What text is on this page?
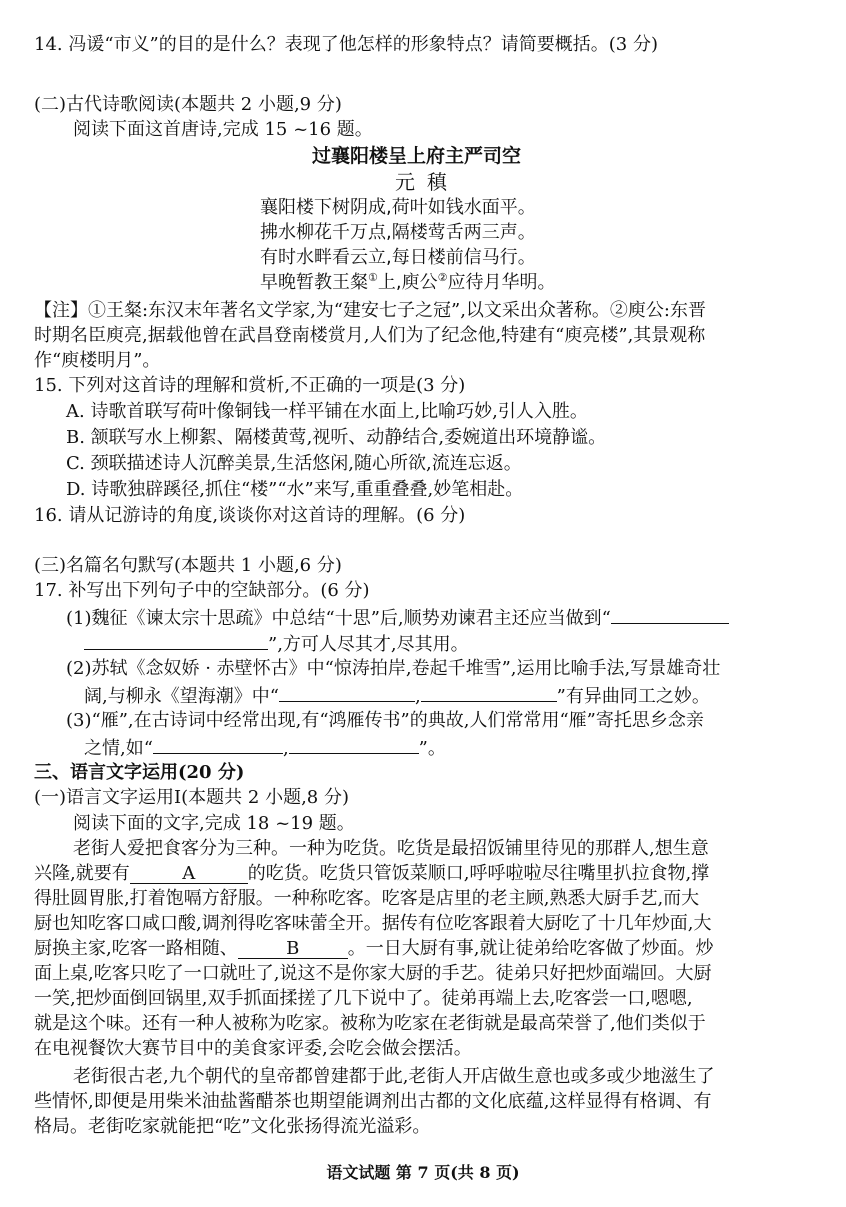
14. 冯谖“市义”的目的是什么？表现了他怎样的形象特点？请简要概括。(3 分)
(二)古代诗歌阅读(本题共 2 小题,9 分)
阅读下面这首唐诗,完成 15 ~16 题。
过襄阳楼呈上府主严司空
元稹
襄阳楼下树阴成,荷叶如钱水面平。
拂水柳花千万点,隔楼莺舌两三声。
有时水畔看云立,每日楼前信马行。
早晚暂教王粲①上,庾公②应待月华明。
【注】①王粲:东汉末年著名文学家,为“建安七子之冠”,以文采出众著称。②庾公:东晋
时期名臣庾亮,据载他曾在武昌登南楼赏月,人们为了纪念他,特建有“庾亮楼”,其景观称
作“庾楼明月”。
15. 下列对这首诗的理解和赏析,不正确的一项是(3 分)
A. 诗歌首联写荷叶像铜钱一样平铺在水面上,比喻巧妙,引人入胜。
B. 颔联写水上柳絮、隔楼黄莺,视听、动静结合,委婉道出环境静谧。
C. 颈联描述诗人沉醉美景,生活悠闲,随心所欲,流连忘返。
D. 诗歌独辟蹊径,抓住“楼”“水”来写,重重叠叠,妙笔相赴。
16. 请从记游诗的角度,谈谈你对这首诗的理解。(6 分)
(三)名篇名句默写(本题共 1 小题,6 分)
17. 补写出下列句子中的空缺部分。(6 分)
(1)魏征《谏太宗十思疏》中总结“十思”后,顺势劝谏君主还应当做到“
”,方可人尽其才,尽其用。
(2)苏轼《念奴娇 · 赤壁怀古》中“惊涛拍岸,卷起千堆雪”,运用比喻手法,写景雄奇壮
阔,与柳永《望海潮》中“	,	”有异曲同工之妙。
(3)“雁”,在古诗词中经常出现,有“鸿雁传书”的典故,人们常常用“雁”寄托思乡念亲
之情,如“	,	”。
三、语言文字运用(20 分)
(一)语言文字运用Ⅰ(本题共 2 小题,8 分)
阅读下面的文字,完成 18 ~19 题。
老街人爱把食客分为三种。一种为吃货。吃货是最招饭铺里待见的那群人,想生意
兴隆,就要有	A	的吃货。吃货只管饭菜顺口,呼呼啦啦尽往嘴里扒拉食物,撑
得肚圆胃胀,打着饱嗝方舒服。一种称吃客。吃客是店里的老主顾,熟悉大厨手艺,而大
厨也知吃客口咸口酸,调剂得吃客味蕾全开。据传有位吃客跟着大厨吃了十几年炒面,大
厨换主家,吃客一路相随、	B	。一日大厨有事,就让徒弟给吃客做了炒面。炒
面上桌,吃客只吃了一口就吐了,说这不是你家大厨的手艺。徒弟只好把炒面端回。大厨
一笑,把炒面倒回锅里,双手抓面揉搓了几下说中了。徒弟再端上去,吃客尝一口,嗯嗯,
就是这个味。还有一种人被称为吃家。被称为吃家在老街就是最高荣誉了,他们类似于
在电视餐饮大赛节目中的美食家评委,会吃会做会摆活。
老街很古老,九个朝代的皇帝都曾建都于此,老街人开店做生意也或多或少地滋生了
些情怀,即便是用柴米油盐酱醋茶也期望能调剂出古都的文化底蕴,这样显得有格调、有
格局。老街吃家就能把“吃”文化张扬得流光溢彩。
语文试题 第 7 页(共 8 页)
